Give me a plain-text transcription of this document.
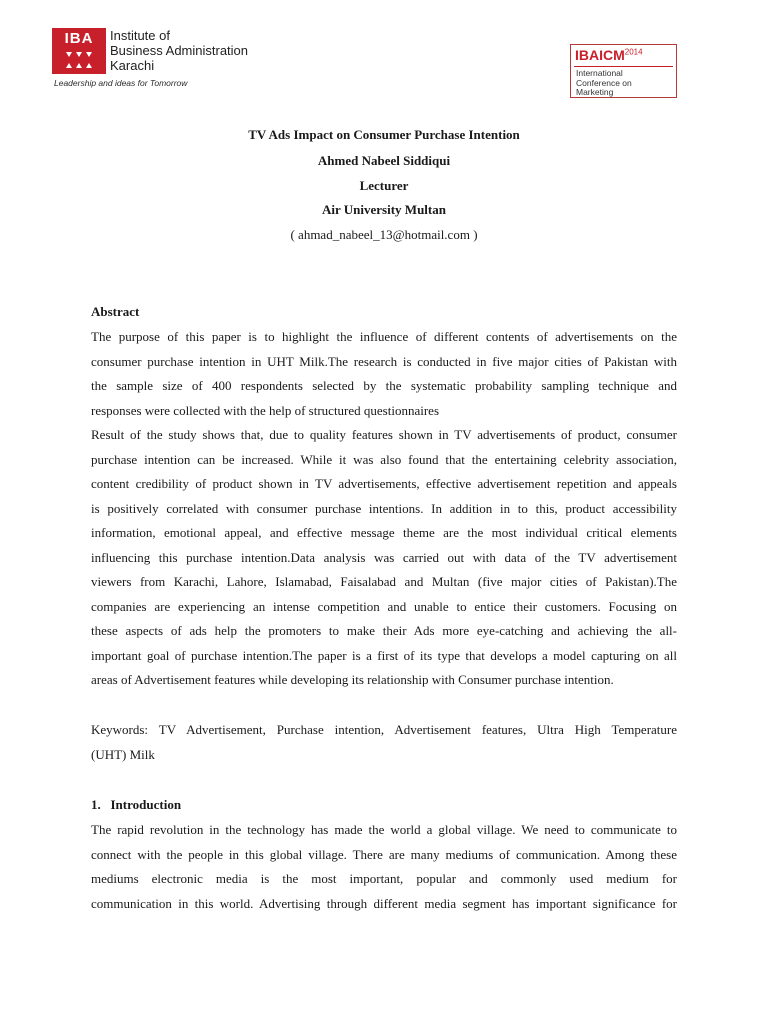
IBA	Institute of
Business Administration
Karachi
Leadership and ideas for Tomorrow
$IBAICM^{2014}$
International
Conference on
Marketing
TV Ads Impact on Consumer Purchase Intention
Ahmed Nabeel Siddiqui
Lecturer
Air University Multan
( ahmad_nabeel_13@hotmail.com )
Abstract
The purpose of this paper is to highlight the influence of different contents of advertisements on the
consumer purchase intention in UHT Milk.The research is conducted in five major cities of Pakistan with
the sample size of 400 respondents selected by the systematic probability sampling technique and
responses were collected with the help of structured questionnaires
Result of the study shows that, due to quality features shown in TV advertisements of product, consumer
purchase intention can be increased. While it was also found that the entertaining celebrity association,
content credibility of product shown in TV advertisements, effective advertisement repetition and appeals
is positively correlated with consumer purchase intentions. In addition in to this, product accessibility
information, emotional appeal, and effective message theme are the most individual critical elements
influencing this purchase intention.Data analysis was carried out with data of the TV advertisement
viewers from Karachi, Lahore, Islamabad, Faisalabad and Multan (five major cities of Pakistan).The
companies are experiencing an intense competition and unable to entice their customers. Focusing on
these aspects of ads help the promoters to make their Ads more eye-catching and achieving the all-
important goal of purchase intention.The paper is a first of its type that develops a model capturing on all
areas of Advertisement features while developing its relationship with Consumer purchase intention.
Keywords: TV Advertisement, Purchase intention, Advertisement features, Ultra High Temperature
(UHT) Milk
1.   Introduction
The rapid revolution in the technology has made the world a global village. We need to communicate to
connect with the people in this global village. There are many mediums of communication. Among these
mediums electronic media is the most important, popular and commonly used medium for
communication in this world. Advertising through different media segment has important significance for
